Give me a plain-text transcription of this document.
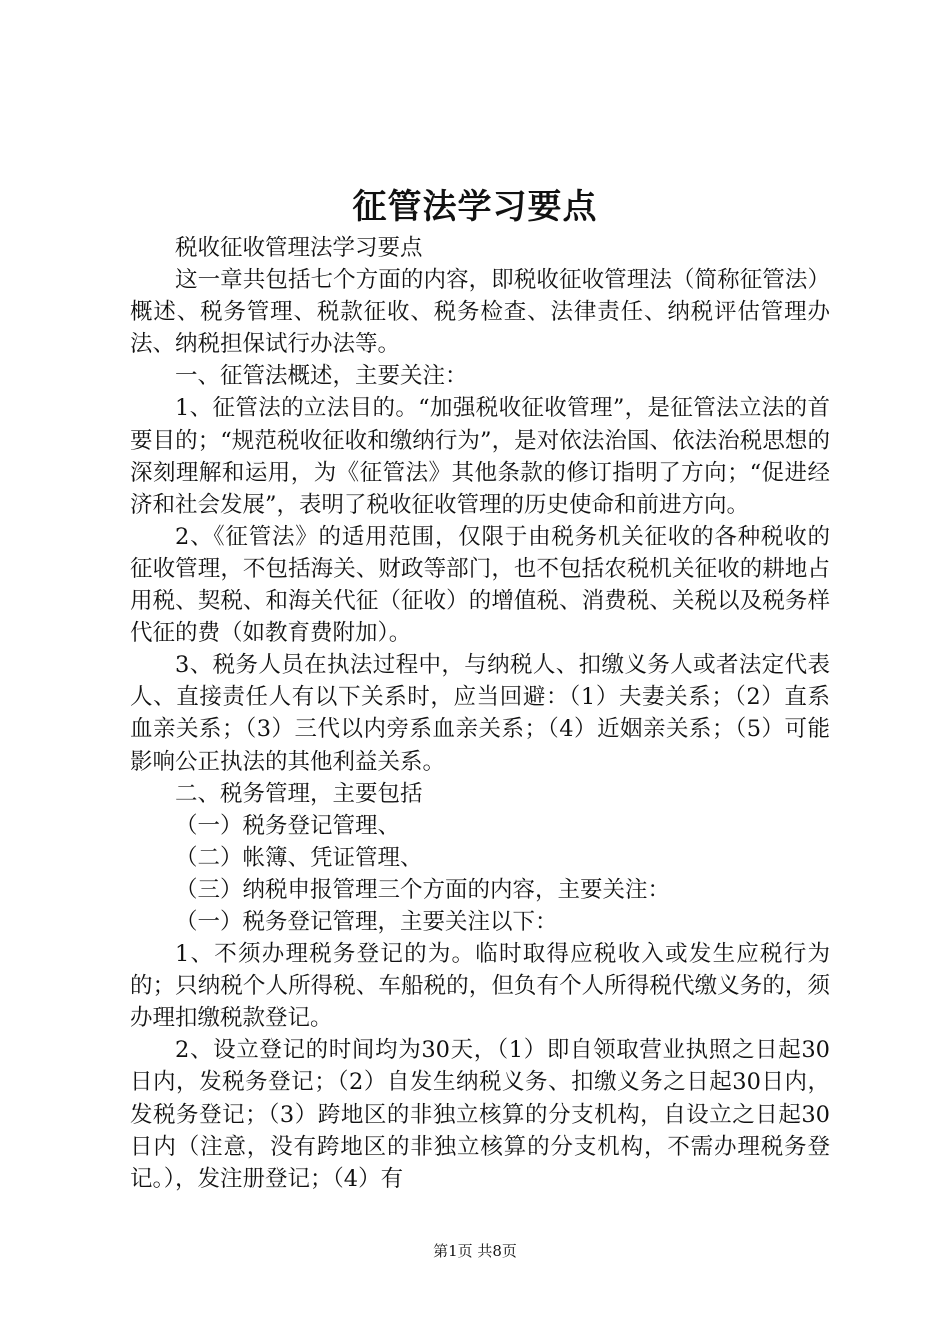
征管法学习要点

税收征收管理法学习要点

这一章共包括七个方面的内容，即税收征收管理法（简称征管法）概述、税务管理、税款征收、税务检查、法律责任、纳税评估管理办法、纳税担保试行办法等。

一、征管法概述，主要关注：

1、征管法的立法目的。“加强税收征收管理”，是征管法立法的首要目的；“规范税收征收和缴纳行为”，是对依法治国、依法治税思想的深刻理解和运用，为《征管法》其他条款的修订指明了方向；“促进经济和社会发展”，表明了税收征收管理的历史使命和前进方向。

2、《征管法》的适用范围，仅限于由税务机关征收的各种税收的征收管理，不包括海关、财政等部门，也不包括农税机关征收的耕地占用税、契税、和海关代征（征收）的增值税、消费税、关税以及税务样代征的费（如教育费附加）。

3、税务人员在执法过程中，与纳税人、扣缴义务人或者法定代表人、直接责任人有以下关系时，应当回避：（1）夫妻关系；（2）直系血亲关系；（3）三代以内旁系血亲关系；（4）近姻亲关系；（5）可能影响公正执法的其他利益关系。

二、税务管理，主要包括

（一）税务登记管理、

（二）帐簿、凭证管理、

（三）纳税申报管理三个方面的内容，主要关注：

（一）税务登记管理，主要关注以下：

1、不须办理税务登记的为。临时取得应税收入或发生应税行为的；只纳税个人所得税、车船税的，但负有个人所得税代缴义务的，须办理扣缴税款登记。

2、设立登记的时间均为30天，（1）即自领取营业执照之日起30日内，发税务登记；（2）自发生纳税义务、扣缴义务之日起30日内，发税务登记；（3）跨地区的非独立核算的分支机构，自设立之日起30日内（注意，没有跨地区的非独立核算的分支机构，不需办理税务登记。），发注册登记；（4）有

第1页 共8页
